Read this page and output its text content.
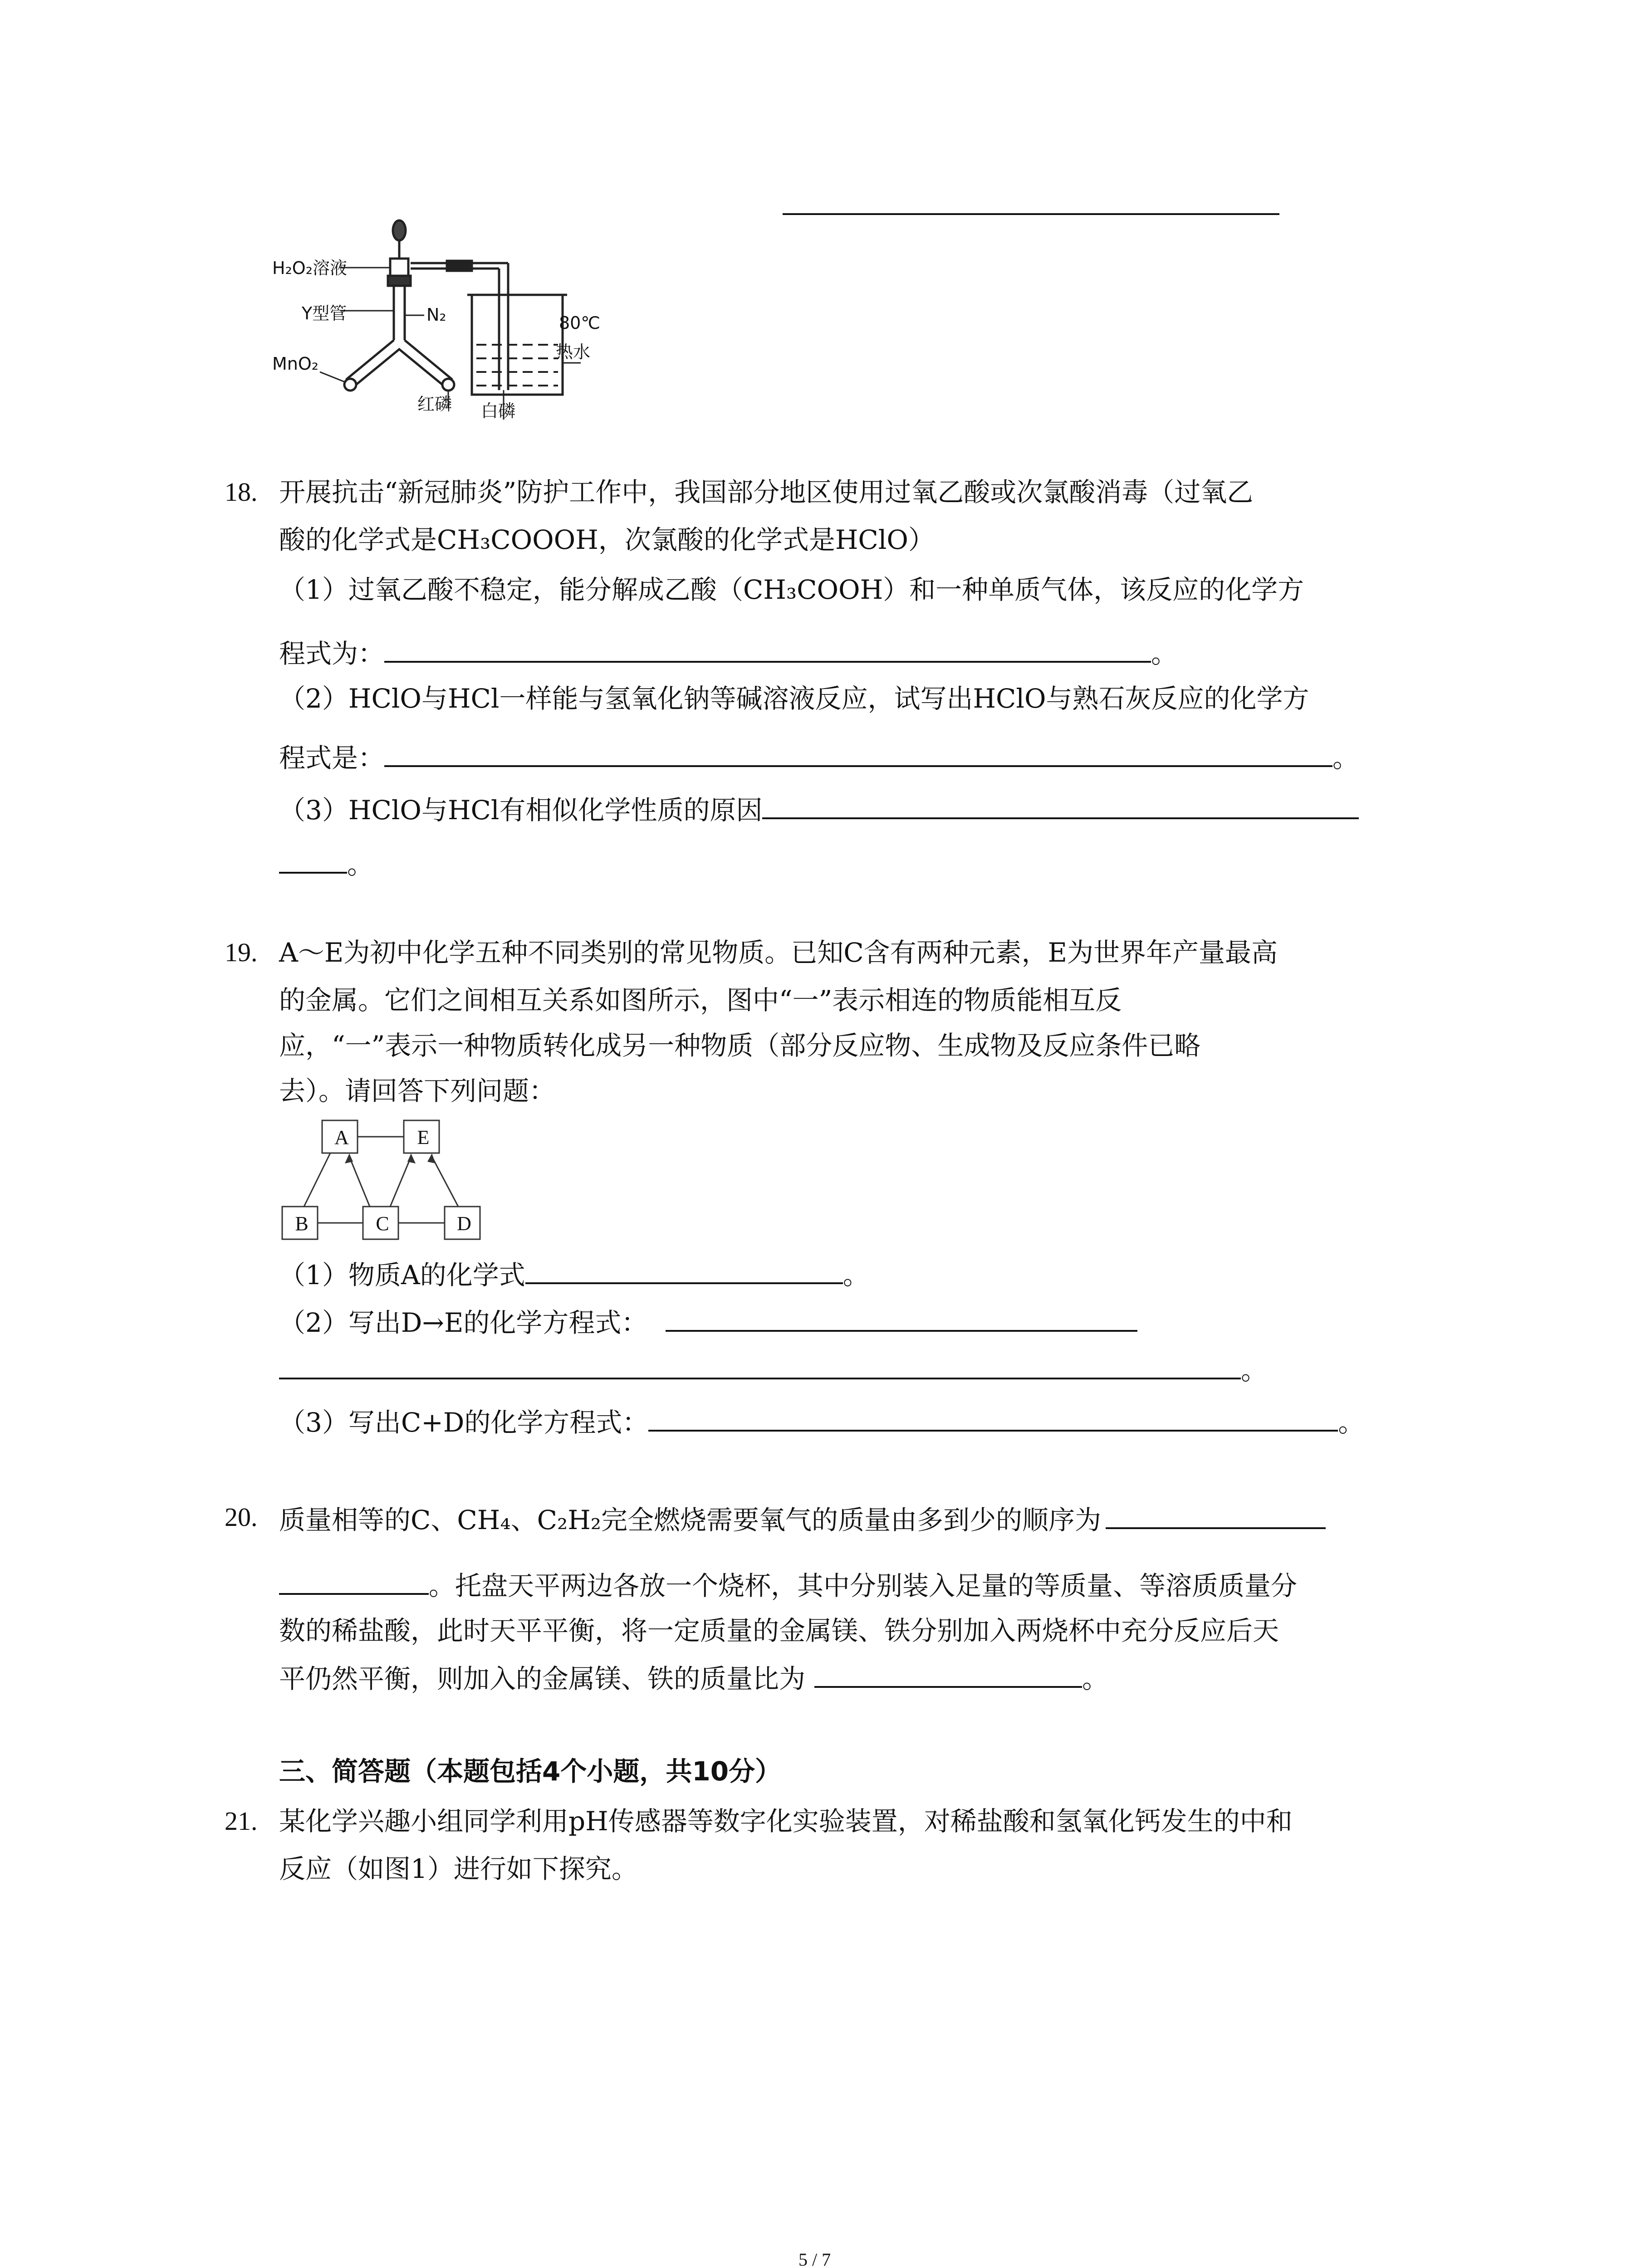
H₂O₂溶液
Y型管	N₂
MnO₂
红磷 白磷
80℃
热水
18. 开展抗击“新冠肺炎”防护工作中，我国部分地区使用过氧乙酸或次氯酸消毒（过氧乙
酸的化学式是CH₃COOOH，次氯酸的化学式是HClO）
（1）过氧乙酸不稳定，能分解成乙酸（CH₃COOH）和一种单质气体，该反应的化学方
程式为：	。
（2）HClO与HCl一样能与氢氧化钠等碱溶液反应，试写出HClO与熟石灰反应的化学方
程式是：	。
（3）HClO与HCl有相似化学性质的原因
。
19. A～E为初中化学五种不同类别的常见物质。已知C含有两种元素，E为世界年产量最高
的金属。它们之间相互关系如图所示，图中“一”表示相连的物质能相互反
应，“一”表示一种物质转化成另一种物质（部分反应物、生成物及反应条件已略
去）。请回答下列问题：
A	E
B	C	D
（1）物质A的化学式	。
（2）写出D→E的化学方程式：
。
（3）写出C+D的化学方程式：	。
20. 质量相等的C、CH₄、C₂H₂完全燃烧需要氧气的质量由多到少的顺序为
。托盘天平两边各放一个烧杯，其中分别装入足量的等质量、等溶质质量分
数的稀盐酸，此时天平平衡，将一定质量的金属镁、铁分别加入两烧杯中充分反应后天
平仍然平衡，则加入的金属镁、铁的质量比为	。
三、简答题（本题包括4个小题，共10分）
21. 某化学兴趣小组同学利用pH传感器等数字化实验装置，对稀盐酸和氢氧化钙发生的中和
反应（如图1）进行如下探究。
5 / 7
